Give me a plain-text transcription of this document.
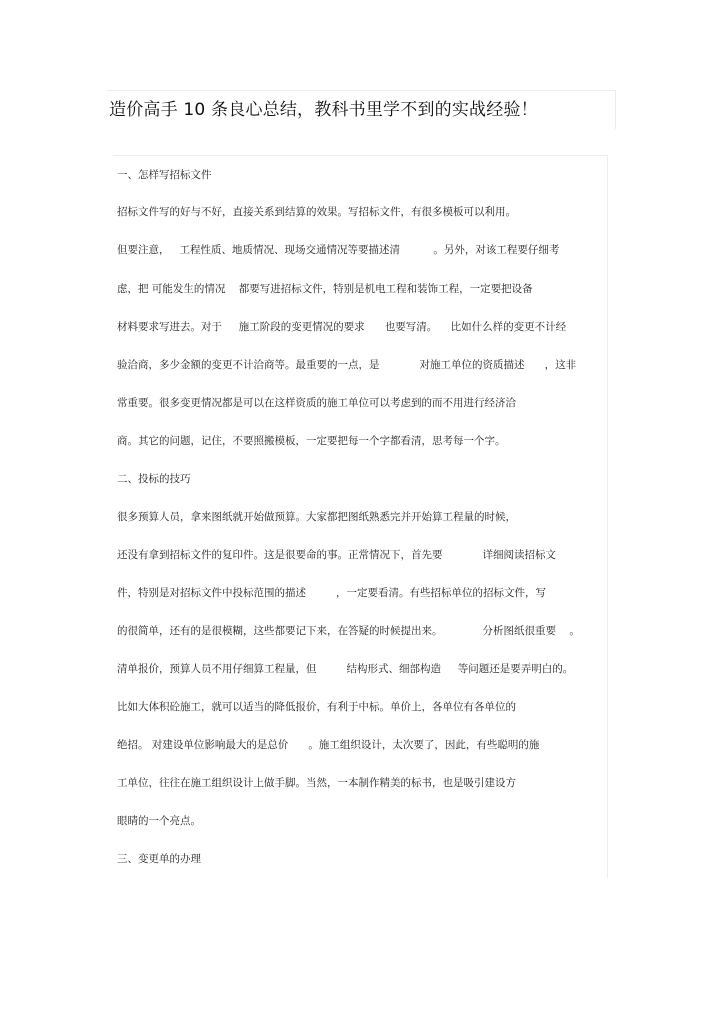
造价高手 10 条良心总结，教科书里学不到的实战经验！
一、怎样写招标文件
招标文件写的好与不好，直接关系到结算的效果。写招标文件，有很多模板可以利用。
但要注意，   工程性质、地质情况、现场交通情况等要描述清          。另外，对该工程要仔细考
虑，把 可能发生的情况    都要写进招标文件，特别是机电工程和装饰工程，一定要把设备
材料要求写进去。对于     施工阶段的变更情况的要求      也要写清。    比如什么样的变更不计经
验洽商，多少金额的变更不计洽商等。最重要的一点，是            对施工单位的资质描述      ，这非
常重要。很多变更情况都是可以在这样资质的施工单位可以考虑到的而不用进行经济洽
商。其它的问题，记住，不要照搬模板，一定要把每一个字都看清，思考每一个字。
二、投标的技巧
很多预算人员，拿来图纸就开始做预算。大家都把图纸熟悉完并开始算工程量的时候，
还没有拿到招标文件的复印件。这是很要命的事。正常情况下，首先要            详细阅读招标文
件，特别是对招标文件中投标范围的描述         ，一定要看清。有些招标单位的招标文件，写
的很简单，还有的是很模糊，这些都要记下来，在答疑的时候提出来。            分析图纸很重要    。
清单报价，预算人员不用仔细算工程量，但         结构形式、细部构造     等问题还是要弄明白的。
比如大体积砼施工，就可以适当的降低报价，有利于中标。单价上，各单位有各单位的
绝招。 对建设单位影响最大的是总价      。施工组织设计，太次要了，因此，有些聪明的施
工单位，往往在施工组织设计上做手脚。当然，一本制作精美的标书，也是吸引建设方
眼睛的一个亮点。
三、变更单的办理
